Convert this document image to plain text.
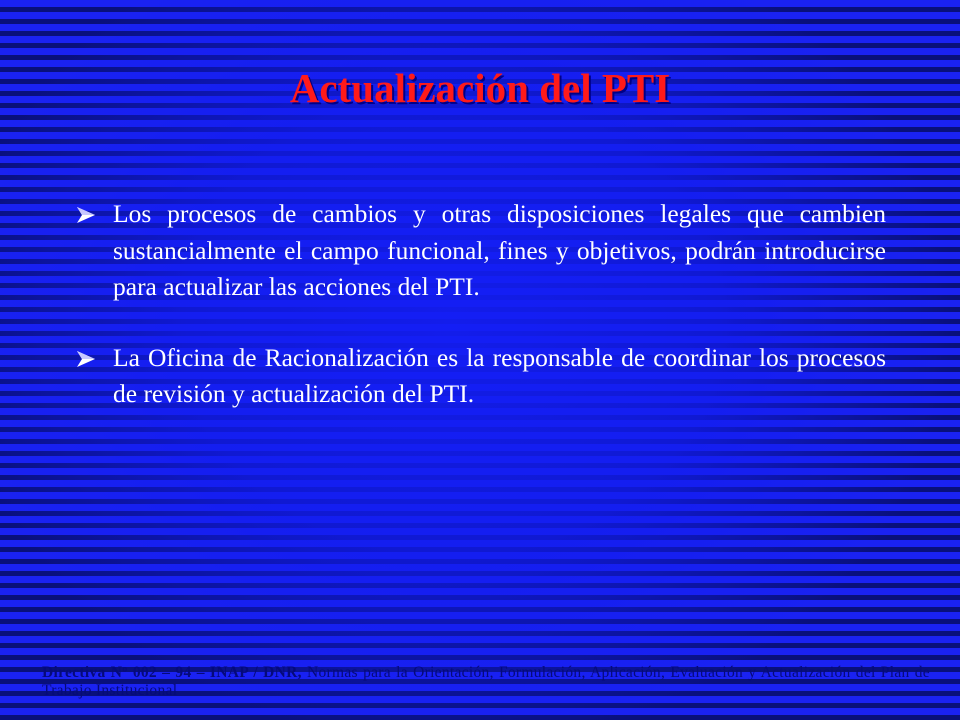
Actualización del PTI
Los procesos de cambios y otras disposiciones legales que cambien sustancialmente el campo funcional, fines y objetivos, podrán introducirse para actualizar las acciones del PTI.
La Oficina de Racionalización es la responsable de coordinar los procesos de revisión y actualización del PTI.

Directiva Nº 002 – 94 – INAP / DNR, Normas para la Orientación, Formulación, Aplicación, Evaluación y Actualización del Plan de Trabajo Institucional
